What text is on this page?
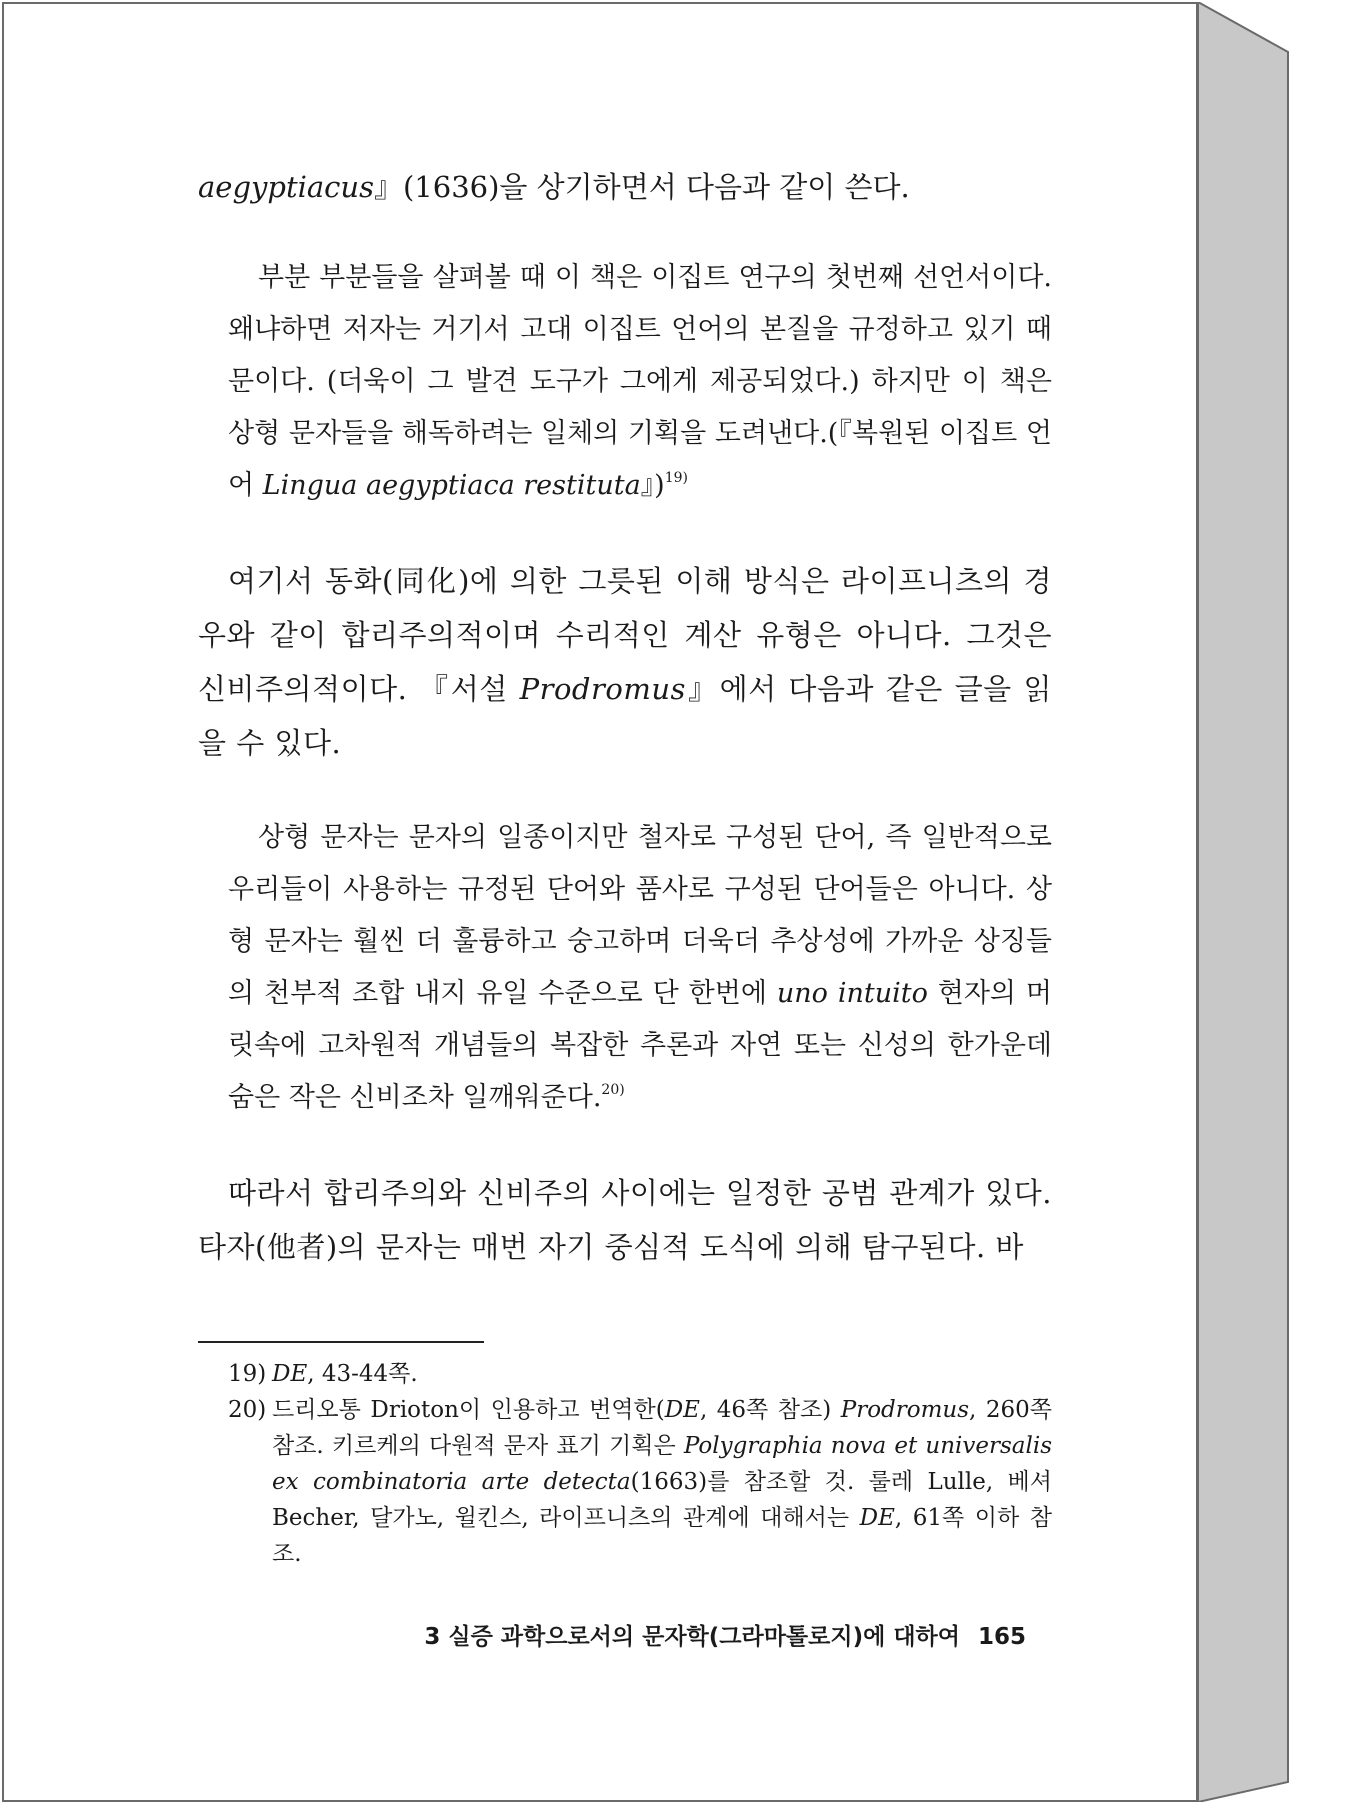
aegyptiacus』(1636)을 상기하면서 다음과 같이 쓴다.

부분 부분들을 살펴볼 때 이 책은 이집트 연구의 첫번째 선언서이다. 왜냐하면 저자는 거기서 고대 이집트 언어의 본질을 규정하고 있기 때문이다. (더욱이 그 발견 도구가 그에게 제공되었다.) 하지만 이 책은 상형 문자들을 해독하려는 일체의 기획을 도려낸다.(『복원된 이집트 언어 Lingua aegyptiaca restituta』)$^{19)}$

여기서 동화(同化)에 의한 그릇된 이해 방식은 라이프니츠의 경우와 같이 합리주의적이며 수리적인 계산 유형은 아니다. 그것은 신비주의적이다. 『서설 Prodromus』에서 다음과 같은 글을 읽을 수 있다.

상형 문자는 문자의 일종이지만 철자로 구성된 단어, 즉 일반적으로 우리들이 사용하는 규정된 단어와 품사로 구성된 단어들은 아니다. 상형 문자는 훨씬 더 훌륭하고 숭고하며 더욱더 추상성에 가까운 상징들의 천부적 조합 내지 유일 수준으로 단 한번에 uno intuito 현자의 머릿속에 고차원적 개념들의 복잡한 추론과 자연 또는 신성의 한가운데 숨은 작은 신비조차 일깨워준다.$^{20)}$

따라서 합리주의와 신비주의 사이에는 일정한 공범 관계가 있다. 타자(他者)의 문자는 매번 자기 중심적 도식에 의해 탐구된다. 바

19) DE, 43-44쪽.

20) 드리오통 Drioton이 인용하고 번역한(DE, 46쪽 참조) Prodromus, 260쪽 참조. 키르케의 다원적 문자 표기 기획은 Polygraphia nova et universalis ex combinatoria arte detecta(1663)를 참조할 것. 룰레 Lulle, 베셔 Becher, 달가노, 윌킨스, 라이프니츠의 관계에 대해서는 DE, 61쪽 이하 참조.

3 실증 과학으로서의 문자학(그라마톨로지)에 대하여 165
